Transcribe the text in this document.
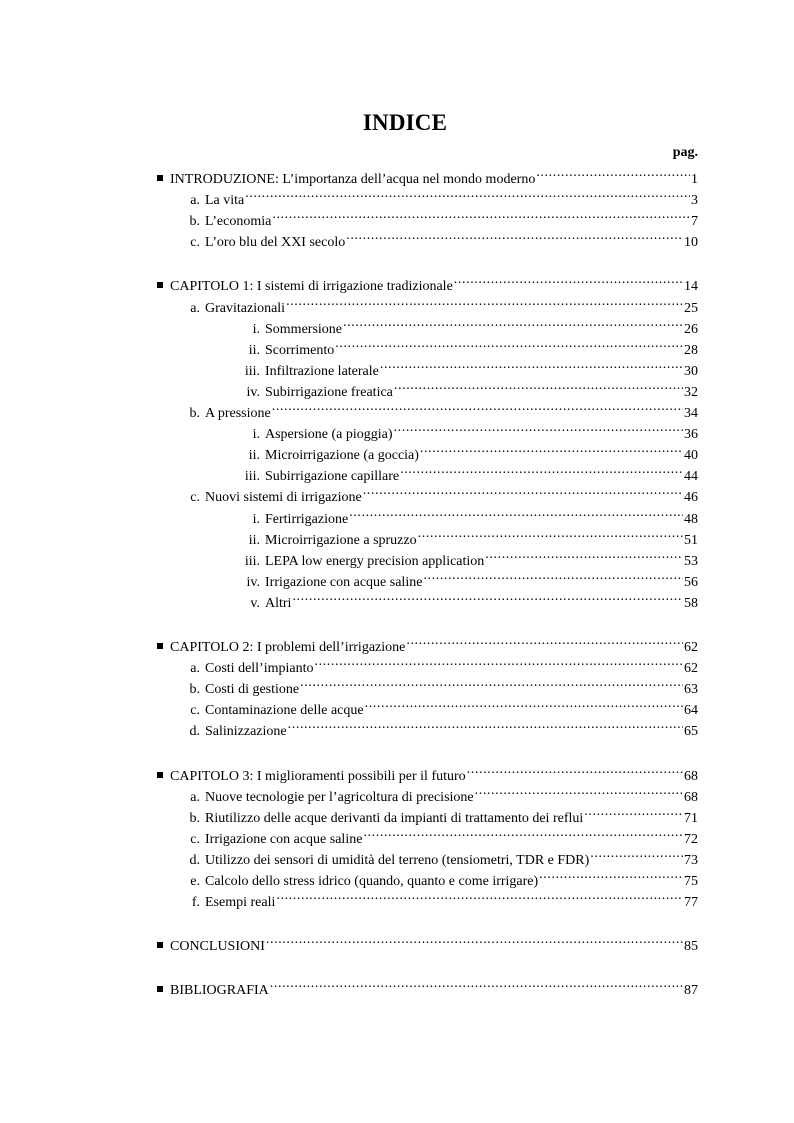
INDICE
pag.
INTRODUZIONE: L’importanza dell’acqua nel mondo moderno .....	1
a. La vita .....	3
b. L’economia .....	7
c. L’oro blu del XXI secolo .....	10
CAPITOLO 1: I sistemi di irrigazione tradizionale .....	14
a. Gravitazionali .....	25
i. Sommersione .....	26
ii. Scorrimento .....	28
iii. Infiltrazione laterale .....	30
iv. Subirrigazione freatica .....	32
b. A pressione .....	34
i. Aspersione (a pioggia) .....	36
ii. Microirrigazione (a goccia) .....	40
iii. Subirrigazione capillare .....	44
c. Nuovi sistemi di irrigazione .....	46
i. Fertirrigazione .....	48
ii. Microirrigazione a spruzzo .....	51
iii. LEPA low energy precision application .....	53
iv. Irrigazione con acque saline .....	56
v. Altri .....	58
CAPITOLO 2: I problemi dell’irrigazione .....	62
a. Costi dell’impianto .....	62
b. Costi di gestione .....	63
c. Contaminazione delle acque .....	64
d. Salinizzazione .....	65
CAPITOLO 3: I miglioramenti possibili per il futuro .....	68
a. Nuove tecnologie per l’agricoltura di precisione .....	68
b. Riutilizzo delle acque derivanti da impianti di trattamento dei reflui .....	71
c. Irrigazione con acque saline .....	72
d. Utilizzo dei sensori di umidità del terreno (tensiometri, TDR e FDR) .....	73
e. Calcolo dello stress idrico (quando, quanto e come irrigare) .....	75
f. Esempi reali .....	77
CONCLUSIONI .....	85
BIBLIOGRAFIA .....	87
